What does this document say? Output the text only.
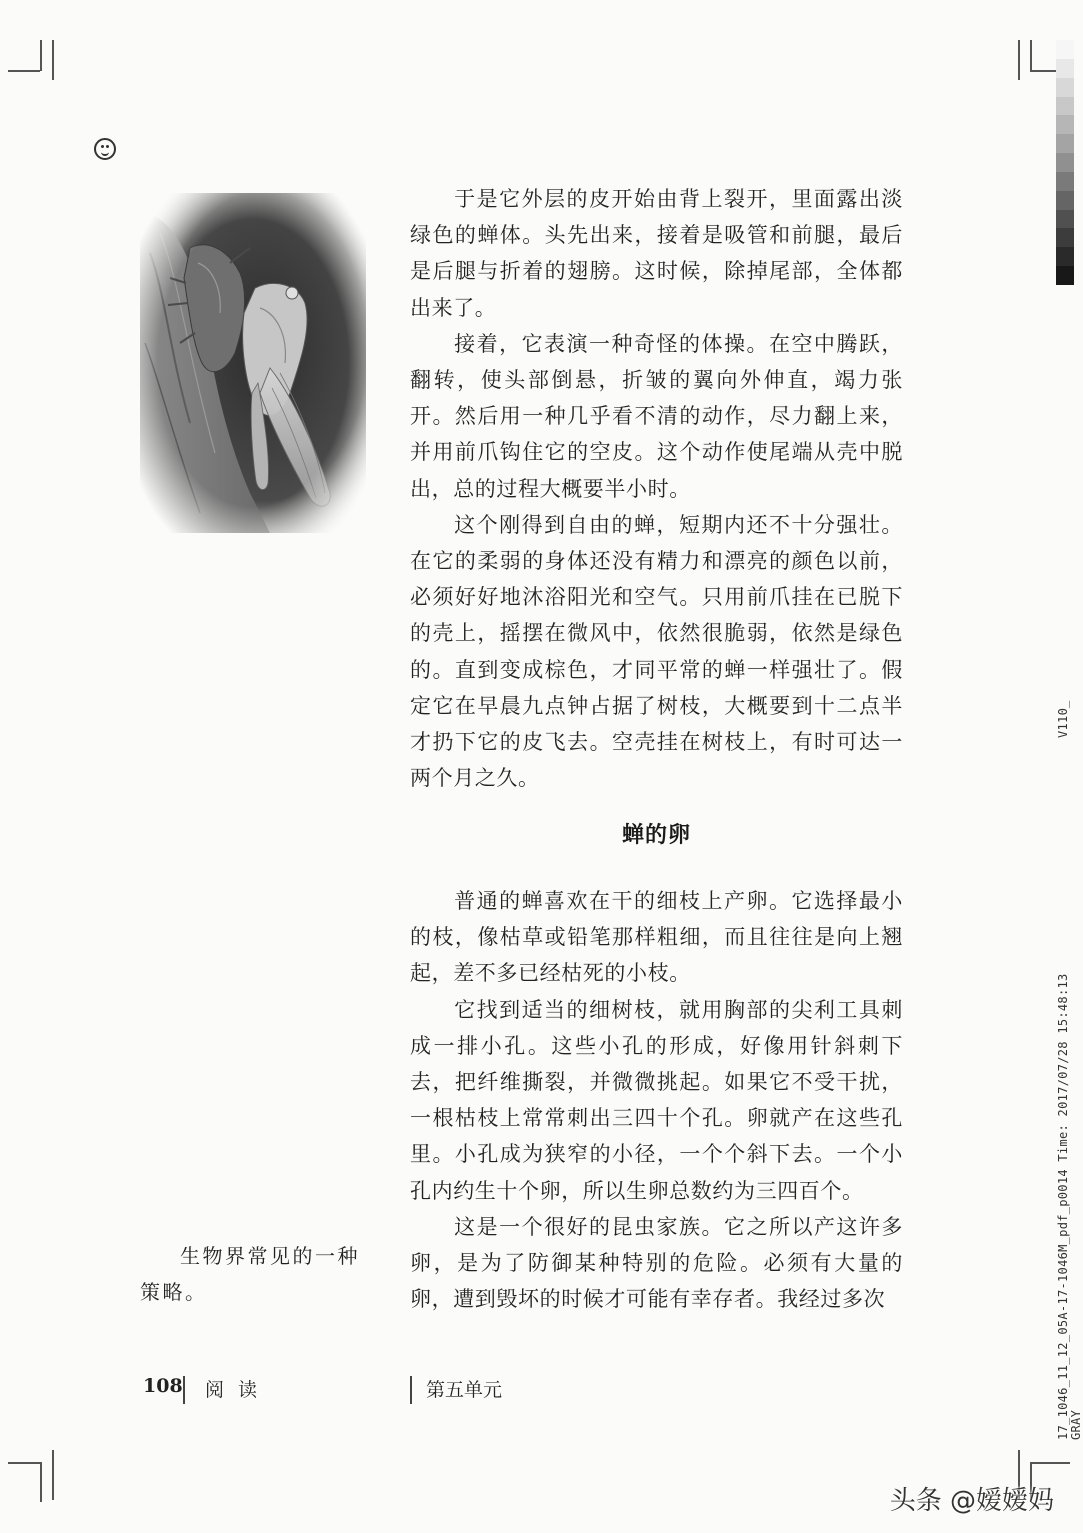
于是它外层的皮开始由背上裂开，里面露出淡绿色的蝉体。头先出来，接着是吸管和前腿，最后是后腿与折着的翅膀。这时候，除掉尾部，全体都出来了。

接着，它表演一种奇怪的体操。在空中腾跃，翻转，使头部倒悬，折皱的翼向外伸直，竭力张开。然后用一种几乎看不清的动作，尽力翻上来，并用前爪钩住它的空皮。这个动作使尾端从壳中脱出，总的过程大概要半小时。

这个刚得到自由的蝉，短期内还不十分强壮。在它的柔弱的身体还没有精力和漂亮的颜色以前，必须好好地沐浴阳光和空气。只用前爪挂在已脱下的壳上，摇摆在微风中，依然很脆弱，依然是绿色的。直到变成棕色，才同平常的蝉一样强壮了。假定它在早晨九点钟占据了树枝，大概要到十二点半才扔下它的皮飞去。空壳挂在树枝上，有时可达一两个月之久。

蝉的卵

普通的蝉喜欢在干的细枝上产卵。它选择最小的枝，像枯草或铅笔那样粗细，而且往往是向上翘起，差不多已经枯死的小枝。

它找到适当的细树枝，就用胸部的尖利工具刺成一排小孔。这些小孔的形成，好像用针斜刺下去，把纤维撕裂，并微微挑起。如果它不受干扰，一根枯枝上常常刺出三四十个孔。卵就产在这些孔里。小孔成为狭窄的小径，一个个斜下去。一个小孔内约生十个卵，所以生卵总数约为三四百个。

这是一个很好的昆虫家族。它之所以产这许多卵，是为了防御某种特别的危险。必须有大量的卵，遭到毁坏的时候才可能有幸存者。我经过多次

生物界常见的一种策略。

108 阅 读	第五单元
V110_
17_1046_11_12_05A-17-1046M_pdf_p0014 Time: 2017/07/28 15:48:13 GRAY
头条 @嫒嫒妈
